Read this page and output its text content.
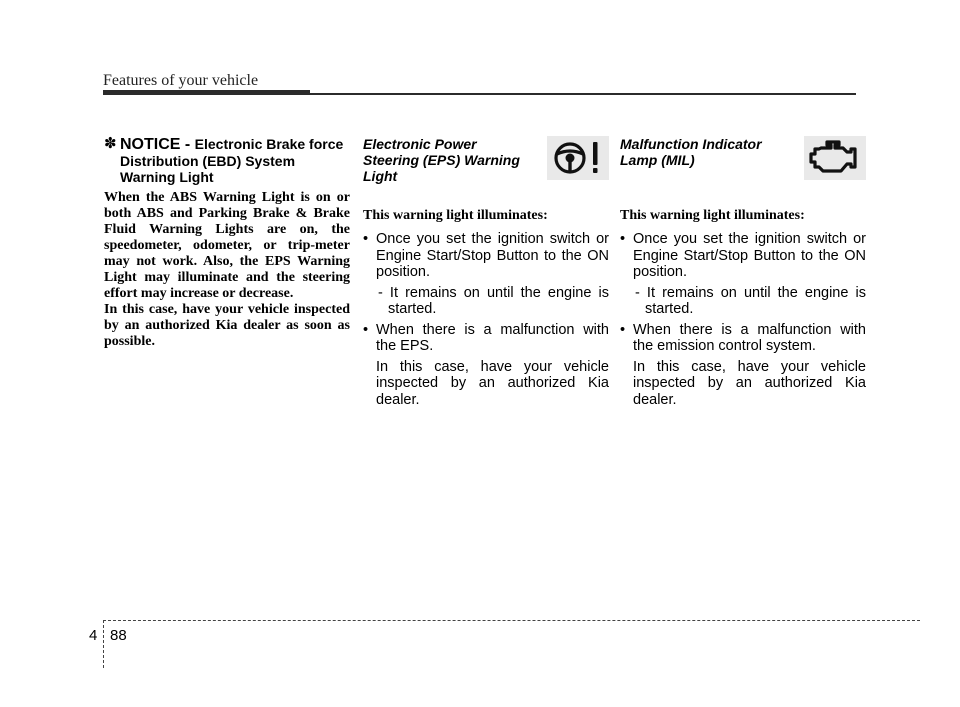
Features of your vehicle
✽ NOTICE - Electronic Brake force Distribution (EBD) System Warning Light

When the ABS Warning Light is on or both ABS and Parking Brake & Brake Fluid Warning Lights are on, the speedometer, odometer, or trip-meter may not work. Also, the EPS Warning Light may illuminate and the steering effort may increase or decrease.

In this case, have your vehicle inspected by an authorized Kia dealer as soon as possible.

Electronic Power Steering (EPS) Warning Light
This warning light illuminates:
• Once you set the ignition switch or Engine Start/Stop Button to the ON position.
- It remains on until the engine is started.
• When there is a malfunction with the EPS.
In this case, have your vehicle inspected by an authorized Kia dealer.
Malfunction Indicator Lamp (MIL)
This warning light illuminates:
• Once you set the ignition switch or Engine Start/Stop Button to the ON position.
- It remains on until the engine is started.
• When there is a malfunction with the emission control system.
In this case, have your vehicle inspected by an authorized Kia dealer.
4 88
